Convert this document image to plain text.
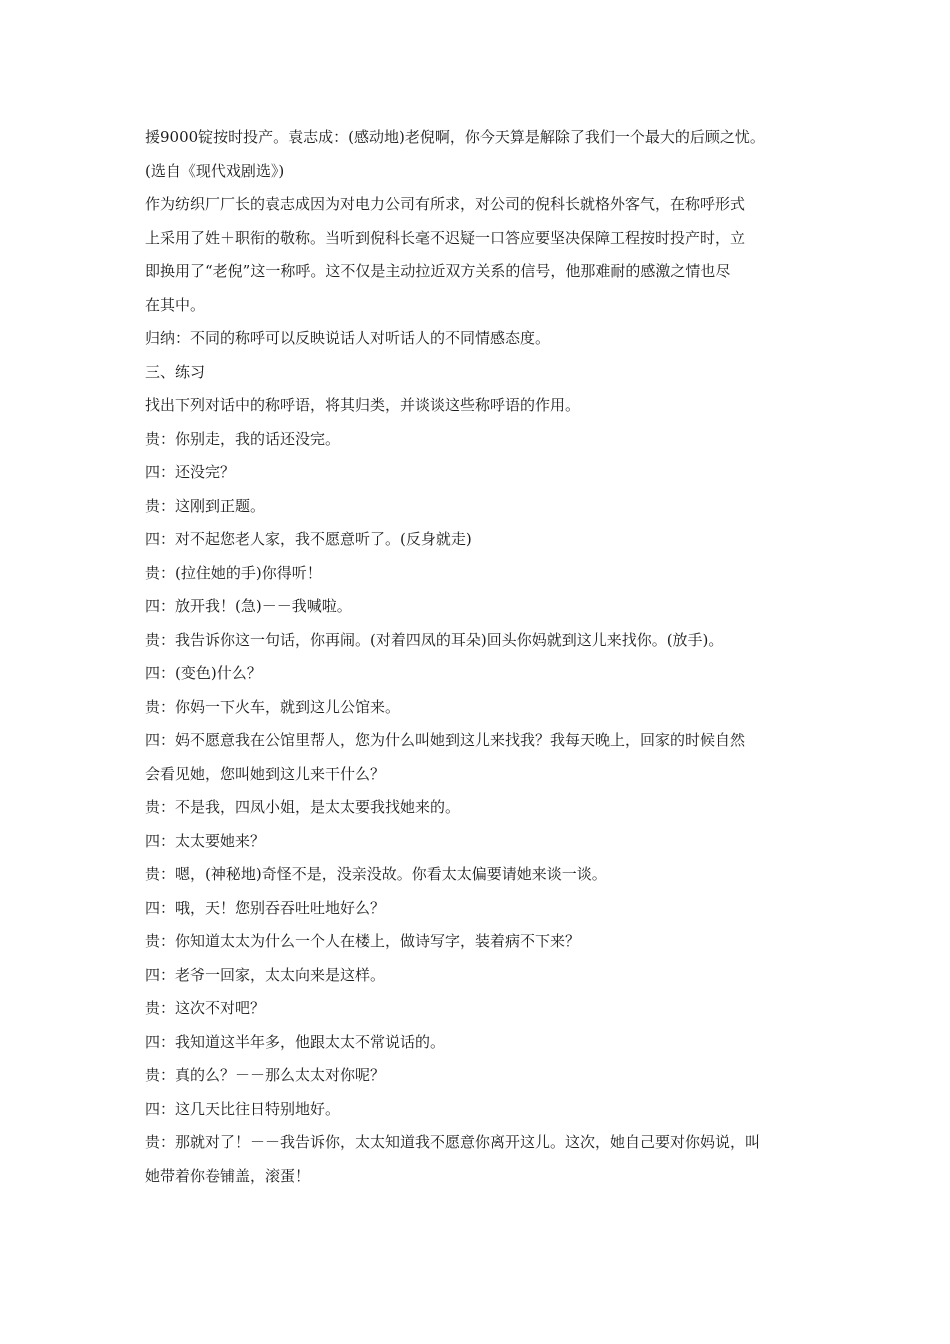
援9000锭按时投产。袁志成：(感动地)老倪啊，你今天算是解除了我们一个最大的后顾之忧。
(选自《现代戏剧选》)
作为纺织厂厂长的袁志成因为对电力公司有所求，对公司的倪科长就格外客气，在称呼形式
上采用了姓＋职衔的敬称。当听到倪科长毫不迟疑一口答应要坚决保障工程按时投产时，立
即换用了“老倪”这一称呼。这不仅是主动拉近双方关系的信号，他那难耐的感激之情也尽
在其中。
归纳：不同的称呼可以反映说话人对听话人的不同情感态度。
三、练习
找出下列对话中的称呼语，将其归类，并谈谈这些称呼语的作用。
贵：你别走，我的话还没完。
四：还没完？
贵：这刚到正题。
四：对不起您老人家，我不愿意听了。(反身就走)
贵：(拉住她的手)你得听！
四：放开我！(急)－－我喊啦。
贵：我告诉你这一句话，你再闹。(对着四凤的耳朵)回头你妈就到这儿来找你。(放手)。
四：(变色)什么？
贵：你妈一下火车，就到这儿公馆来。
四：妈不愿意我在公馆里帮人，您为什么叫她到这儿来找我？我每天晚上，回家的时候自然
会看见她，您叫她到这儿来干什么？
贵：不是我，四凤小姐，是太太要我找她来的。
四：太太要她来？
贵：嗯，(神秘地)奇怪不是，没亲没故。你看太太偏要请她来谈一谈。
四：哦，天！您别吞吞吐吐地好么？
贵：你知道太太为什么一个人在楼上，做诗写字，装着病不下来？
四：老爷一回家，太太向来是这样。
贵：这次不对吧？
四：我知道这半年多，他跟太太不常说话的。
贵：真的么？－－那么太太对你呢？
四：这几天比往日特别地好。
贵：那就对了！－－我告诉你，太太知道我不愿意你离开这儿。这次，她自己要对你妈说，叫
她带着你卷铺盖，滚蛋！
